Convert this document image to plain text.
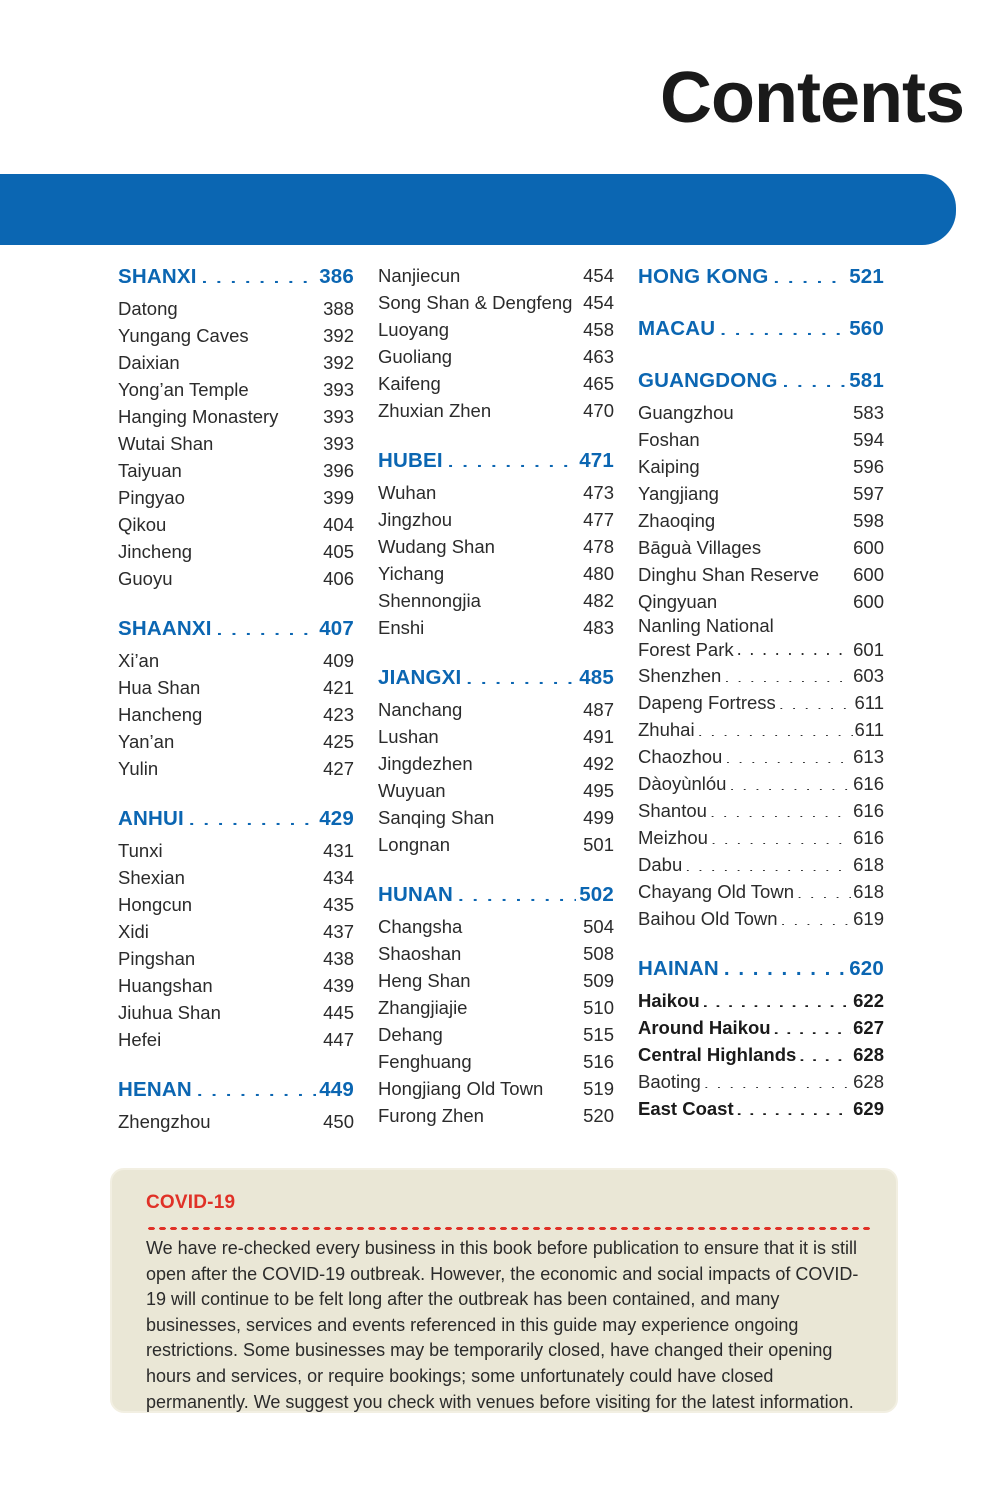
Contents
SHANXI . . .	386
Datong . . .	388
Yungang Caves . . .	392
Daixian . . .	392
Yong’an Temple . . .	393
Hanging Monastery . . . 393
Wutai Shan . . .	393
Taiyuan . . .	396
Pingyao . . .	399
Qikou . . .	404
Jincheng . . .	405
Guoyu . . .	406
SHAANXI . . .	407
Xi’an . . .	409
Hua Shan . . .	421
Hancheng . . .	423
Yan’an . . .	425
Yulin . . .	427
ANHUI . . .	429
Tunxi . . .	431
Shexian . . .	434
Hongcun . . .	435
Xidi . . .	437
Pingshan . . .	438
Huangshan . . .	439
Jiuhua Shan . . .	445
Hefei . . .	447
HENAN . . .	449
Zhengzhou . . .	450
Nanjiecun . . .	454
Song Shan & Dengfeng . . . 454
Luoyang . . .	458
Guoliang . . .	463
Kaifeng . . .	465
Zhuxian Zhen . . .	470
HUBEI . . .	471
Wuhan . . .	473
Jingzhou . . .	477
Wudang Shan . . .	478
Yichang . . .	480
Shennongjia . . .	482
Enshi . . .	483
JIANGXI . . .	485
Nanchang . . .	487
Lushan . . .	491
Jingdezhen . . .	492
Wuyuan . . .	495
Sanqing Shan . . .	499
Longnan . . .	501
HUNAN . . .	502
Changsha . . .	504
Shaoshan . . .	508
Heng Shan . . .	509
Zhangjiajie . . .	510
Dehang . . .	515
Fenghuang . . .	516
Hongjiang Old Town . . . 519
Furong Zhen . . .	520
HONG KONG . . .	521
MACAU . . .	560
GUANGDONG . . .	581
Guangzhou . . .	583
Foshan . . .	594
Kaiping . . .	596
Yangjiang . . .	597
Zhaoqing . . .	598
Bāguà Villages . . .	600
Dinghu Shan Reserve . . . 600
Qingyuan . . .	600
Nanling National
Forest Park . . .	601
Shenzhen . . .	603
Dapeng Fortress . . .	611
Zhuhai . . .	611
Chaozhou . . .	613
Dàoyùnlóu . . .	616
Shantou . . .	616
Meizhou . . .	616
Dabu . . .	618
Chayang Old Town . . .	618
Baihou Old Town . . .	619
HAINAN . . .	620
Haikou . . .	622
Around Haikou . . .	627
Central Highlands . . .	628
Baoting . . .	628
East Coast . . .	629
COVID-19
We have re-checked every business in this book before publication to ensure that it is still open after the COVID-19 outbreak. However, the economic and social impacts of COVID-19 will continue to be felt long after the outbreak has been contained, and many businesses, services and events referenced in this guide may experience ongoing restrictions. Some businesses may be temporarily closed, have changed their opening hours and services, or require bookings; some unfortunately could have closed permanently. We suggest you check with venues before visiting for the latest information.
